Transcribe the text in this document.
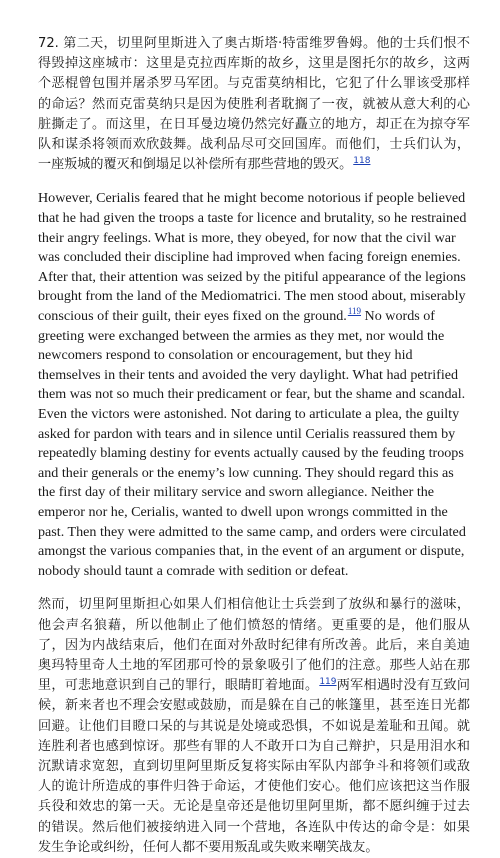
72. 第二天，切里阿里斯进入了奥古斯塔·特雷维罗鲁姆。他的士兵们恨不得毁掉这座城市：这里是克拉西库斯的故乡，这里是图托尔的故乡，这两个恶棍曾包围并屠杀罗马军团。与克雷莫纳相比，它犯了什么罪该受那样的命运？然而克雷莫纳只是因为使胜利者耽搁了一夜，就被从意大利的心脏撕走了。而这里，在日耳曼边境仍然完好矗立的地方，却正在为掠夺军队和谋杀将领而欢欣鼓舞。战利品尽可交回国库。而他们，士兵们认为，一座叛城的覆灭和倒塌足以补偿所有那些营地的毁灭。$^{118}$

However, Cerialis feared that he might become notorious if people believed that he had given the troops a taste for licence and brutality, so he restrained their angry feelings. What is more, they obeyed, for now that the civil war was concluded their discipline had improved when facing foreign enemies. After that, their attention was seized by the pitiful appearance of the legions brought from the land of the Mediomatrici. The men stood about, miserably conscious of their guilt, their eyes fixed on the ground.$^{119}$ No words of greeting were exchanged between the armies as they met, nor would the newcomers respond to consolation or encouragement, but they hid themselves in their tents and avoided the very daylight. What had petrified them was not so much their predicament or fear, but the shame and scandal. Even the victors were astonished. Not daring to articulate a plea, the guilty asked for pardon with tears and in silence until Cerialis reassured them by repeatedly blaming destiny for events actually caused by the feuding troops and their generals or the enemy’s low cunning. They should regard this as the first day of their military service and sworn allegiance. Neither the emperor nor he, Cerialis, wanted to dwell upon wrongs committed in the past. Then they were admitted to the same camp, and orders were circulated amongst the various companies that, in the event of an argument or dispute, nobody should taunt a comrade with sedition or defeat.

然而，切里阿里斯担心如果人们相信他让士兵尝到了放纵和暴行的滋味，他会声名狼藉，所以他制止了他们愤怒的情绪。更重要的是，他们服从了，因为内战结束后，他们在面对外敌时纪律有所改善。此后，来自美迪奥玛特里奇人土地的军团那可怜的景象吸引了他们的注意。那些人站在那里，可悲地意识到自己的罪行，眼睛盯着地面。$^{119}$两军相遇时没有互致问候，新来者也不理会安慰或鼓励，而是躲在自己的帐篷里，甚至连日光都回避。让他们目瞪口呆的与其说是处境或恐惧，不如说是羞耻和丑闻。就连胜利者也感到惊讶。那些有罪的人不敢开口为自己辩护，只是用泪水和沉默请求宽恕，直到切里阿里斯反复将实际由军队内部争斗和将领们或敌人的诡计所造成的事件归咎于命运，才使他们安心。他们应该把这当作服兵役和效忠的第一天。无论是皇帝还是他切里阿里斯，都不愿纠缠于过去的错误。然后他们被接纳进入同一个营地，各连队中传达的命令是：如果发生争论或纠纷，任何人都不要用叛乱或失败来嘲笑战友。
